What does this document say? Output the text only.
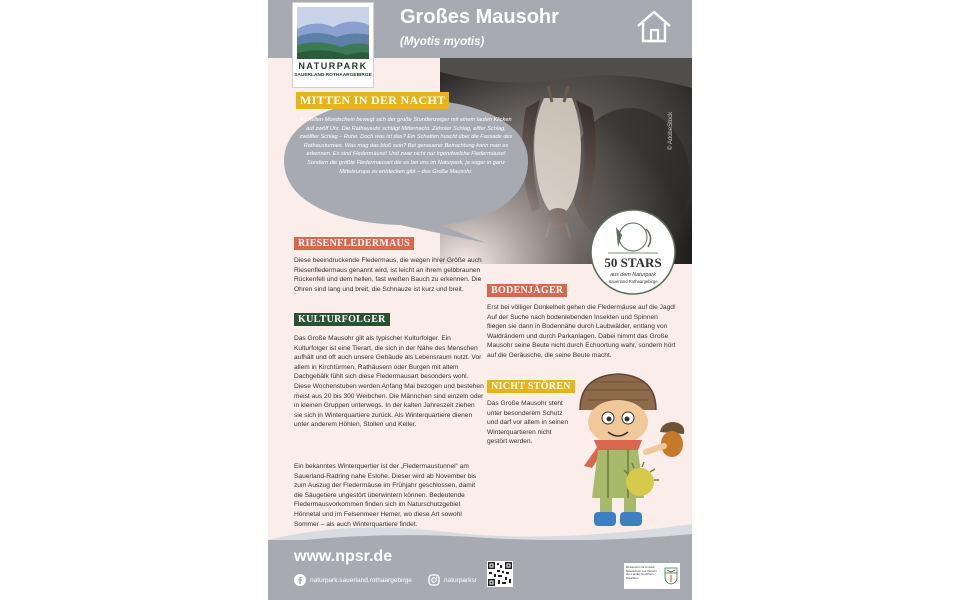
© AdobeStock
NATURPARK
SAUERLAND ROTHAARGEBIRGE
Großes Mausohr
(Myotis myotis)
MITTEN IN DER NACHT
Im hellen Mondschein bewegt sich der große Stundenzeiger mit einem lauten Klicken auf zwölf Uhr. Die Rathausuhr schlägt Mitternacht. Zehnter Schlag, elfter Schlag, zwölfter Schlag – Ruhe. Doch was ist das? Ein Schatten huscht über die Fassade des Rathausturmes. Was mag das bloß sein? Bei genauerer Betrachtung kann man es erkennen. Es sind Fledermäuse! Und zwar nicht nur irgendwelche Fledermäuse! Sondern die größte Fledermausart die es bei uns im Naturpark, ja sogar in ganz Mitteleuropa zu entdecken gibt – das Große Mausohr.
RIESENFLEDERMAUS
Diese beeindruckende Fledermaus, die wegen ihrer Größe auch Riesenfledermaus genannt wird, ist leicht an ihrem gelbbraunen Rückenfell und dem hellen, fast weißen Bauch zu erkennen. Die Ohren sind lang und breit, die Schnauze ist kurz und breit.
KULTURFOLGER
Das Große Mausohr gilt als typischer Kulturfolger. Ein Kulturfolger ist eine Tierart, die sich in der Nähe des Menschen aufhält und oft auch unsere Gebäude als Lebensraum nutzt. Vor allem in Kirchtürmen, Rathäusern oder Burgen mit altem Dachgebälk fühlt sich diese Fledermausart besonders wohl. Diese Wochenstuben werden Anfang Mai bezogen und bestehen meist aus 20 bis 300 Weibchen. Die Männchen sind einzeln oder in kleinen Gruppen unterwegs. In der kalten Jahreszeit ziehen sie sich in Winterquartiere zurück. Als Winterquartiere dienen unter anderem Höhlen, Stollen und Keller.
Ein bekanntes Winterquertier ist der „Fledermaustunnel“ am Sauerland-Radring nahe Eslohe. Dieser wird ab November bis zum Auszug der Fledermäuse im Frühjahr geschlossen, damit die Säugetiere ungestört überwintern können. Bedeutende Fledermausvorkommen finden sich im Naturschutzgebiet Hönnetal und im Felsenmeer Hemer, wo diese Art sowohl Sommer – als auch Winterquartiere findet.
BODENJÄGER
Erst bei völliger Dunkelheit gehen die Fledermäuse auf die Jagd! Auf der Suche nach bodenlebenden Insekten und Spinnen fliegen sie dann in Bodennähe durch Laubwälder, entlang von Waldrändern und durch Parkanlagen. Dabei nimmt das Große Mausohr seine Beute nicht durch Echoortung wahr, sondern hört auf die Geräusche, die seine Beute macht.
NICHT STÖREN
Das Große Mausohr steht unter besonderem Schutz und darf vor allem in seinen Winterquartieren nicht gestört werden.
50 STARS
aus dem Naturpark
Sauerland Rothaargebirge
www.npsr.de
naturpark.sauerland.rothaargebirge	naturparksr
Ministerium für Umwelt, Naturschutz und Verkehr des Landes Nordrhein-Westfalen
